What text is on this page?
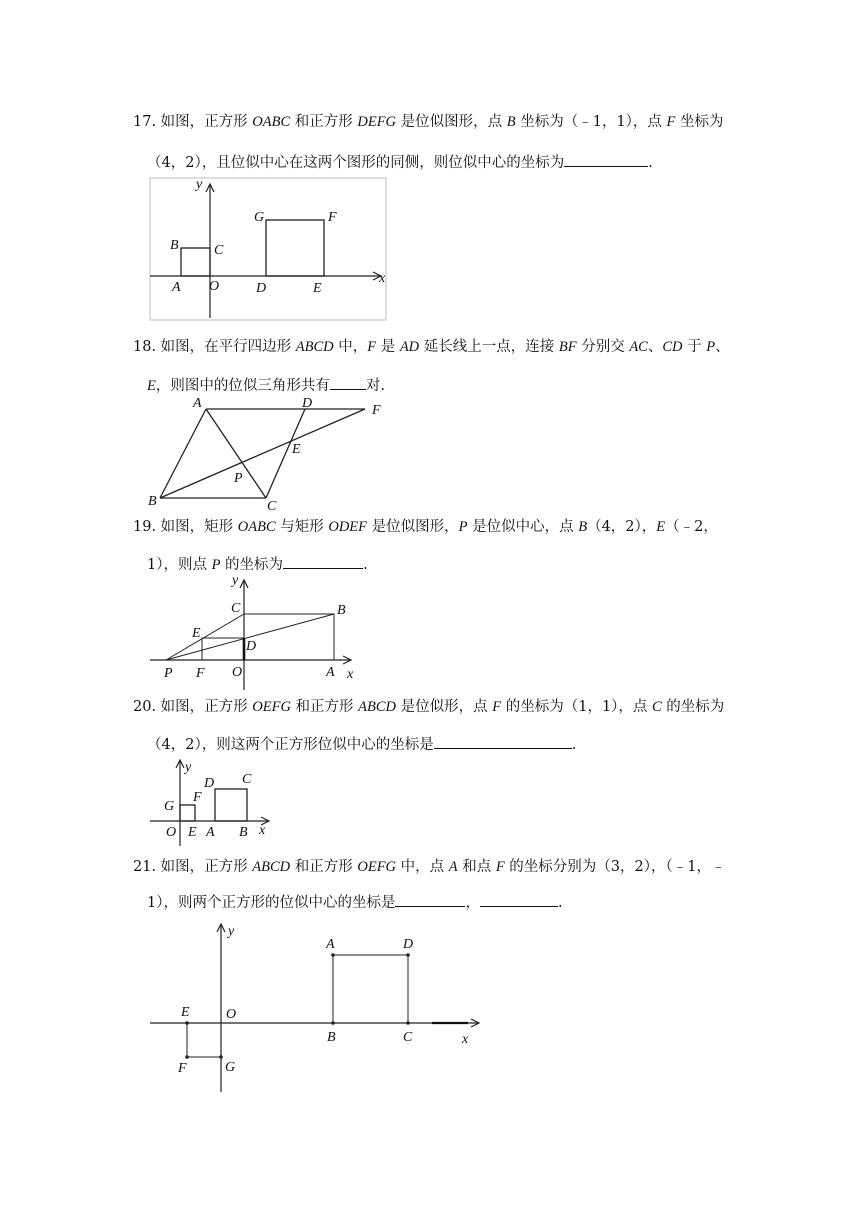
17. 如图，正方形 OABC 和正方形 DEFG 是位似图形，点 B 坐标为（﹣1，1），点 F 坐标为
（4，2），且位似中心在这两个图形的同侧，则位似中心的坐标为	.
y
x
B	C
A O	D	E
G	F
18. 如图，在平行四边形 ABCD 中，F 是 AD 延长线上一点，连接 BF 分别交 AC、CD 于 P、
E，则图中的位似三角形共有 对.
A	D	F
E
P
B	C
19. 如图，矩形 OABC 与矩形 ODEF 是位似图形，P 是位似中心，点 B（4，2），E（﹣2，
1），则点 P 的坐标为	.
y
C	B
E
D
P F O	A x
20. 如图，正方形 OEFG 和正方形 ABCD 是位似形，点 F 的坐标为（1，1），点 C 的坐标为
（4，2），则这两个正方形位似中心的坐标是	.
y
D C
G
F
O E A B x
21. 如图，正方形 ABCD 和正方形 OEFG 中，点 A 和点 F 的坐标分别为（3，2），（﹣1，﹣
1），则两个正方形的位似中心的坐标是	，	.
y
A	D
E	O
B	C	x
F	G
